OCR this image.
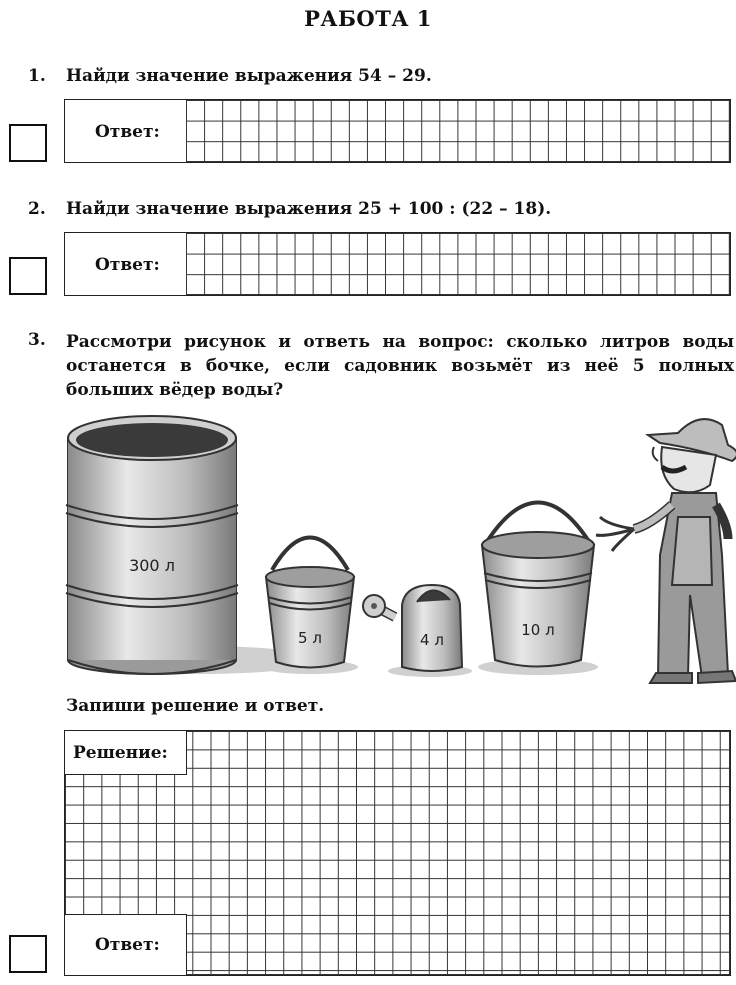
РАБОТА 1
1. Найди значение выражения 54 – 29.
Ответ:
2. Найди значение выражения 25 + 100 : (22 – 18).
Ответ:
3. Рассмотри рисунок и ответь на вопрос: сколько литров воды останется в бочке, если садовник возьмёт из неё 5 полных больших вёдер воды?
300 л
5 л	4 л
10 л
Запиши решение и ответ.
Решение:
Ответ:
